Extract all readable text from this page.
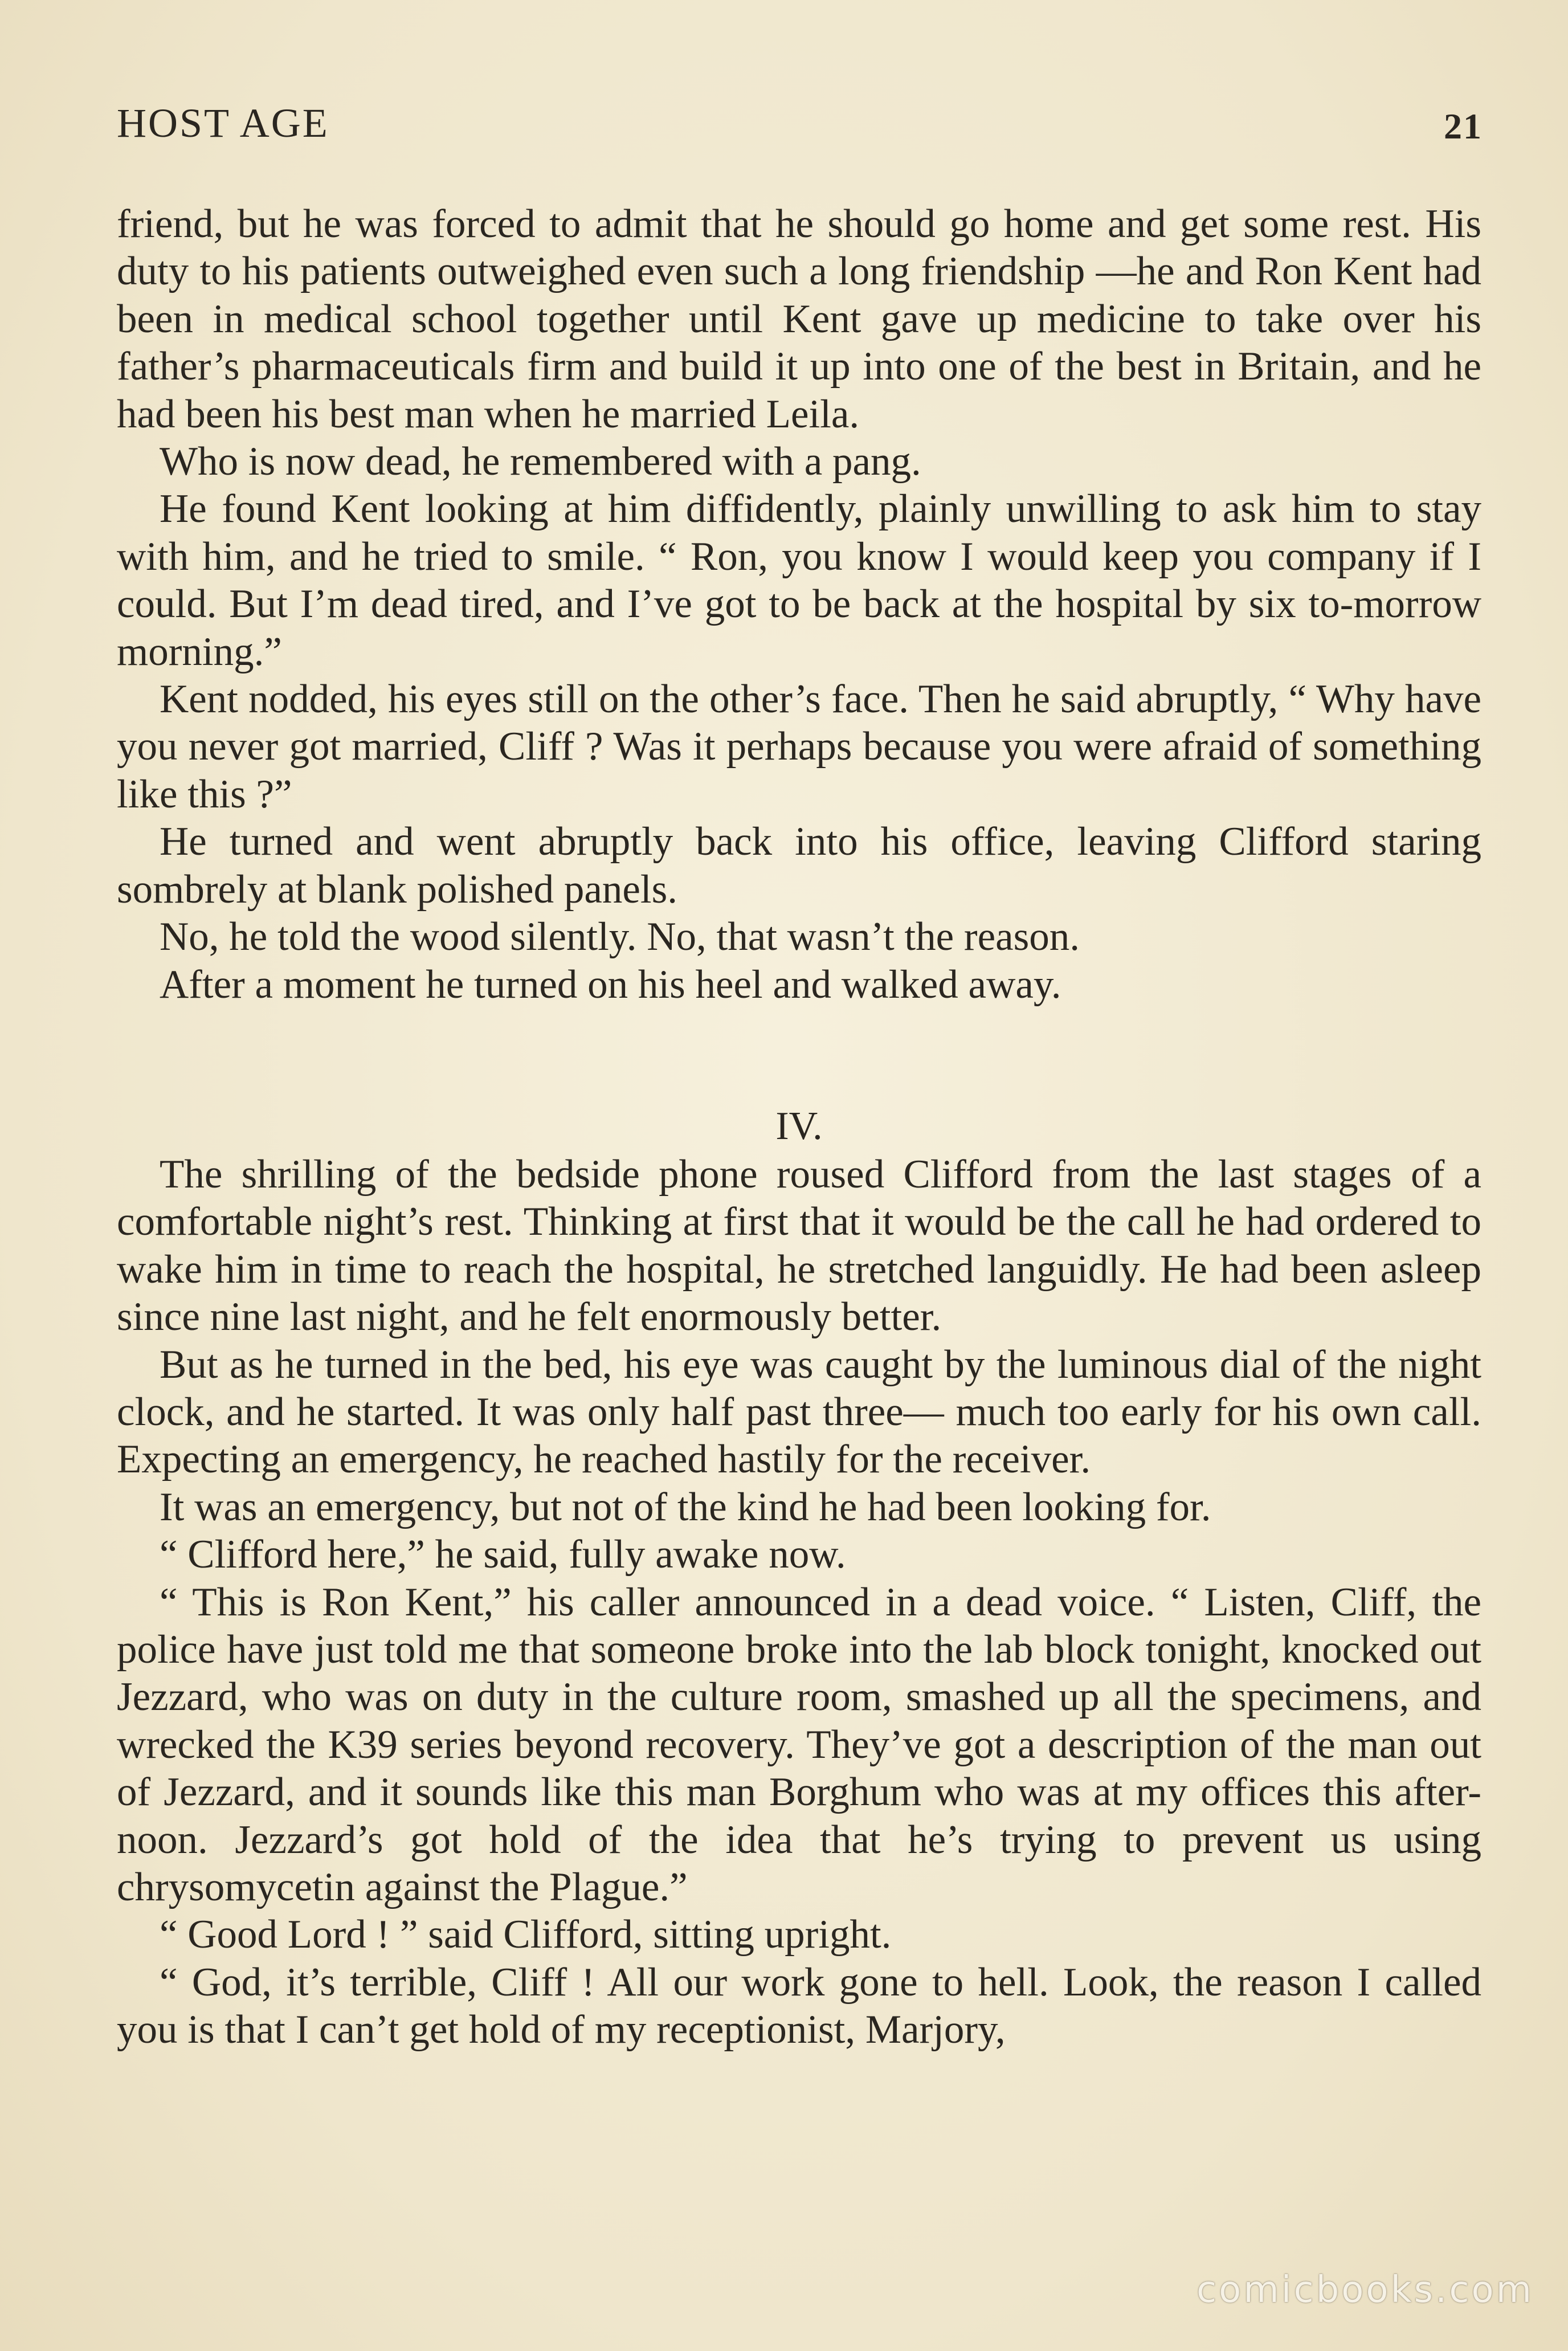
HOST AGE	21

friend, but he was forced to admit that he should go home and get some rest. His duty to his patients outweighed even such a long friendship —he and Ron Kent had been in medical school together until Kent gave up medicine to take over his father’s pharmaceuticals firm and build it up into one of the best in Britain, and he had been his best man when he married Leila.

Who is now dead, he remembered with a pang.

He found Kent looking at him diffidently, plainly unwilling to ask him to stay with him, and he tried to smile. “ Ron, you know I would keep you company if I could. But I’m dead tired, and I’ve got to be back at the hospital by six to-morrow morning.”

Kent nodded, his eyes still on the other’s face. Then he said abruptly, “ Why have you never got married, Cliff ? Was it perhaps because you were afraid of something like this ?”

He turned and went abruptly back into his office, leaving Clifford staring sombrely at blank polished panels.

No, he told the wood silently. No, that wasn’t the reason.

After a moment he turned on his heel and walked away.

IV.

The shrilling of the bedside phone roused Clifford from the last stages of a comfortable night’s rest. Thinking at first that it would be the call he had ordered to wake him in time to reach the hospital, he stretched languidly. He had been asleep since nine last night, and he felt enormously better.

But as he turned in the bed, his eye was caught by the luminous dial of the night clock, and he started. It was only half past three— much too early for his own call. Expecting an emergency, he reached hastily for the receiver.

It was an emergency, but not of the kind he had been looking for.

“ Clifford here,” he said, fully awake now.

“ This is Ron Kent,” his caller announced in a dead voice. “ Listen, Cliff, the police have just told me that someone broke into the lab block tonight, knocked out Jezzard, who was on duty in the culture room, smashed up all the specimens, and wrecked the K39 series beyond recovery. They’ve got a description of the man out of Jezzard, and it sounds like this man Borghum who was at my offices this after- noon. Jezzard’s got hold of the idea that he’s trying to prevent us using chrysomycetin against the Plague.”

“ Good Lord ! ” said Clifford, sitting upright.

“ God, it’s terrible, Cliff ! All our work gone to hell. Look, the reason I called you is that I can’t get hold of my receptionist, Marjory,

comicbooks.com
